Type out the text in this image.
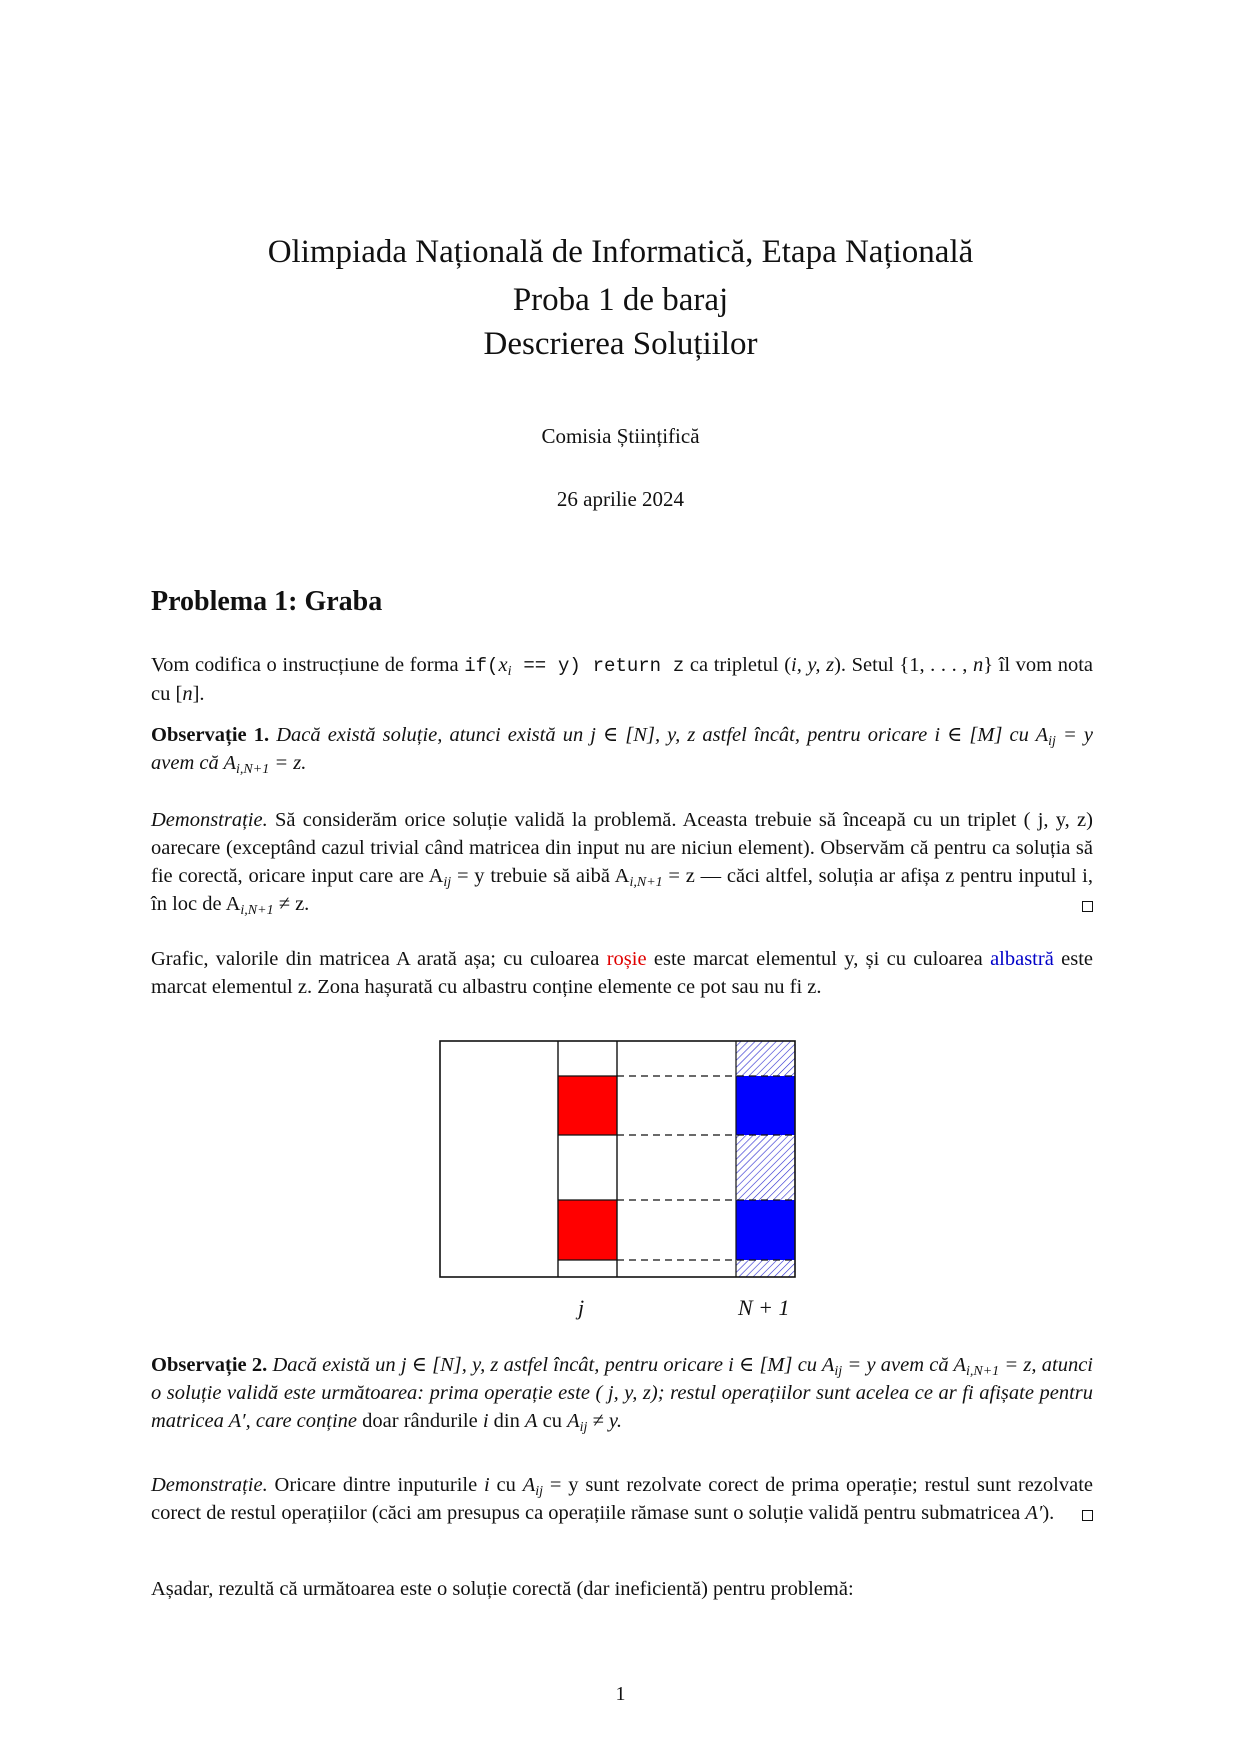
Olimpiada Națională de Informatică, Etapa Națională
Proba 1 de baraj
Descrierea Soluțiilor
Comisia Științifică
26 aprilie 2024
Problema 1: Graba

Vom codifica o instrucțiune de forma $if(x_i == y)$ return z ca tripletul (i, y, z). Setul {1, . . . , n} îl vom nota cu [n].

Observație 1. Dacă există soluție, atunci există un j ∈ [N], y, z astfel încât, pentru oricare i ∈ [M] cu $A_{ij} = y$ avem că $A_{i,N+1} = z$.

Demonstrație. Să considerăm orice soluție validă la problemă. Aceasta trebuie să înceapă cu un triplet ( j, y, z) oarecare (exceptând cazul trivial când matricea din input nu are niciun element). Observăm că pentru ca soluția să fie corectă, oricare input care are $A_{ij} = y$ trebuie să aibă $A_{i,N+1} = z$ — căci altfel, soluția ar afișa z pentru inputul i, în loc de $A_{i,N+1} \ne z$.

Grafic, valorile din matricea A arată așa; cu culoarea roșie este marcat elementul y, și cu culoarea albastră este marcat elementul z. Zona hașurată cu albastru conține elemente ce pot sau nu fi z.

j	N + 1

Observație 2. Dacă există un j ∈ [N], y, z astfel încât, pentru oricare i ∈ [M] cu $A_{ij} = y$ avem că $A_{i,N+1} = z$, atunci o soluție validă este următoarea: prima operație este ( j, y, z); restul operațiilor sunt acelea ce ar fi afișate pentru matricea A′, care conține doar rândurile i din A cu $A_{ij} \ne y$.

Demonstrație. Oricare dintre inputurile i cu $A_{ij} = y$ sunt rezolvate corect de prima operație; restul sunt rezolvate corect de restul operațiilor (căci am presupus ca operațiile rămase sunt o soluție validă pentru submatricea A′).

Așadar, rezultă că următoarea este o soluție corectă (dar ineficientă) pentru problemă:

1
